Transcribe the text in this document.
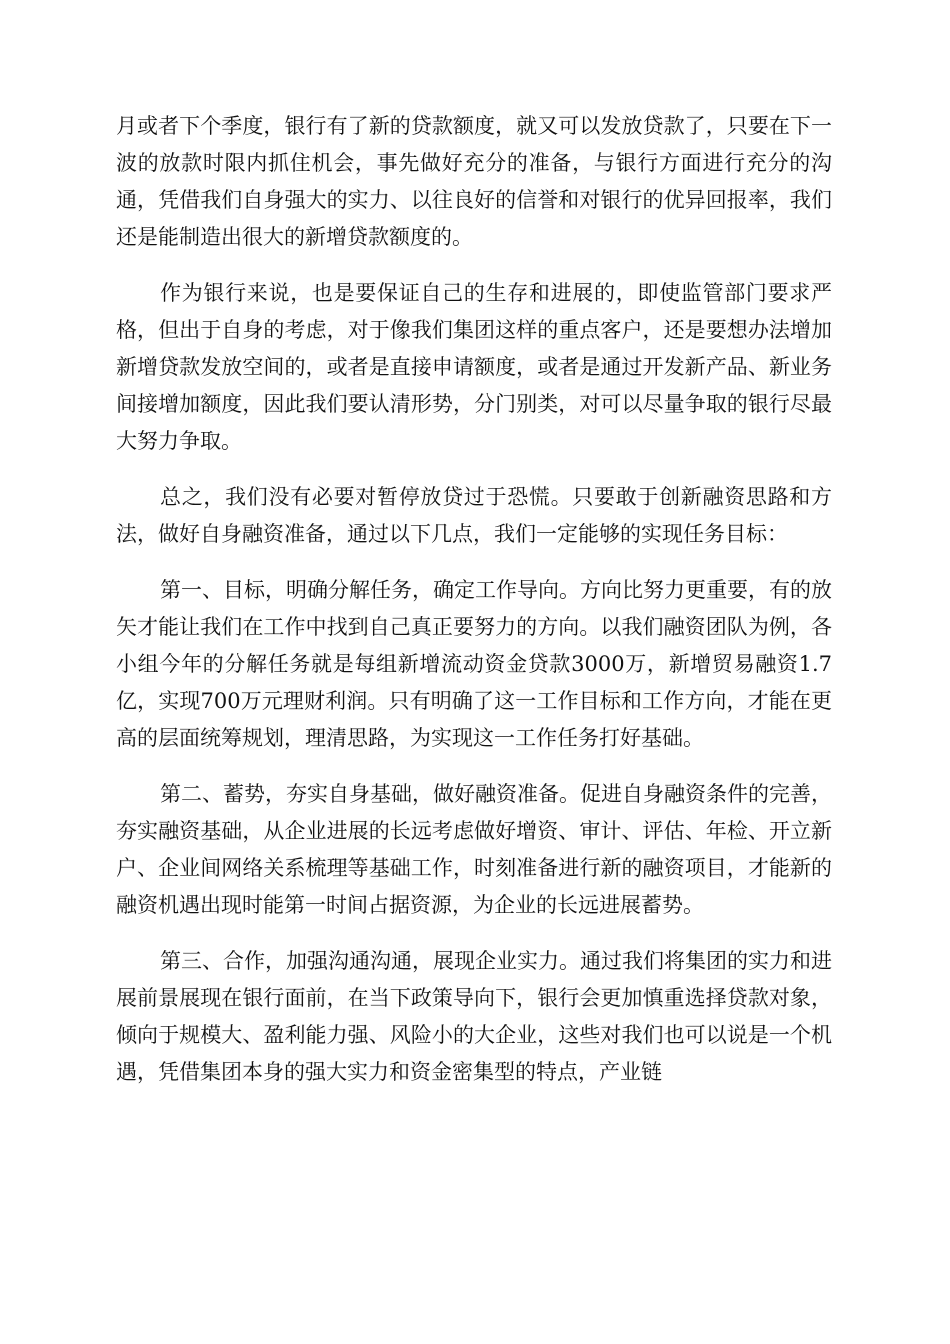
月或者下个季度，银行有了新的贷款额度，就又可以发放贷款了，只要在下一波的放款时限内抓住机会，事先做好充分的准备，与银行方面进行充分的沟通，凭借我们自身强大的实力、以往良好的信誉和对银行的优异回报率，我们还是能制造出很大的新增贷款额度的。

作为银行来说，也是要保证自己的生存和进展的，即使监管部门要求严格，但出于自身的考虑，对于像我们集团这样的重点客户，还是要想办法增加新增贷款发放空间的，或者是直接申请额度，或者是通过开发新产品、新业务间接增加额度，因此我们要认清形势，分门别类，对可以尽量争取的银行尽最大努力争取。

总之，我们没有必要对暂停放贷过于恐慌。只要敢于创新融资思路和方法，做好自身融资准备，通过以下几点，我们一定能够的实现任务目标：

第一、目标，明确分解任务，确定工作导向。方向比努力更重要，有的放矢才能让我们在工作中找到自己真正要努力的方向。以我们融资团队为例，各小组今年的分解任务就是每组新增流动资金贷款3000万，新增贸易融资1.7亿，实现700万元理财利润。只有明确了这一工作目标和工作方向，才能在更高的层面统筹规划，理清思路，为实现这一工作任务打好基础。

第二、蓄势，夯实自身基础，做好融资准备。促进自身融资条件的完善，夯实融资基础，从企业进展的长远考虑做好增资、审计、评估、年检、开立新户、企业间网络关系梳理等基础工作，时刻准备进行新的融资项目，才能新的融资机遇出现时能第一时间占据资源，为企业的长远进展蓄势。

第三、合作，加强沟通沟通，展现企业实力。通过我们将集团的实力和进展前景展现在银行面前，在当下政策导向下，银行会更加慎重选择贷款对象，倾向于规模大、盈利能力强、风险小的大企业，这些对我们也可以说是一个机遇，凭借集团本身的强大实力和资金密集型的特点，产业链
